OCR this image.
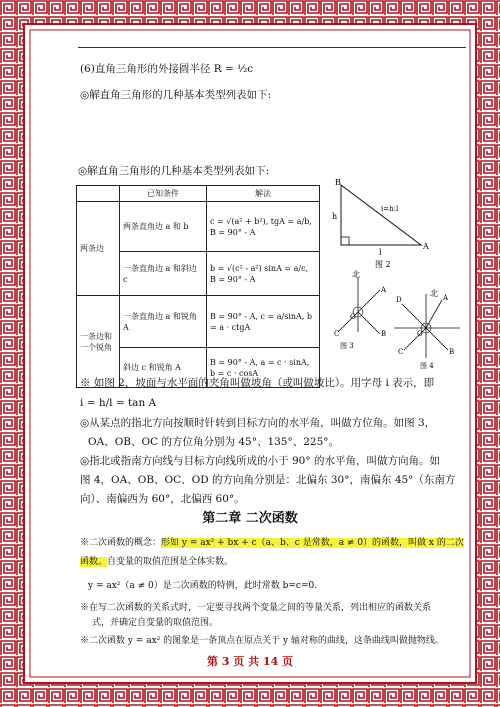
(6)直角三角形的外接圆半径 R = ½c
◎解直角三角形的几种基本类型列表如下:
◎解直角三角形的几种基本类型列表如下:
	已知条件	解法
两条边	两条直角边 a 和 b	c = √(a² + b²), tgA = a/b, B = 90° - A
	一条直角边 a 和斜边 c	b = √(c² - a²) sinA = a/c, B = 90° - A
一条边和一个锐角	一条直角边 a 和锐角 A	B = 90° - A, c = a/sinA, b = a · ctgA
	斜边 c 和锐角 A	B = 90° - A, a = c · sinA, b = c · cosA
B
A
h
i=h:l
l
图 2
北
O
A
B
C
图 3
北
O
A
B
C
D
图 4
※ 如图 2，坡面与水平面的夹角叫做坡角（或叫做坡比）。用字母 i 表示，即
i = h/l = tan A
◎从某点的指北方向按顺时针转到目标方向的水平角，叫做方位角。如图 3，
OA、OB、OC 的方位角分别为 45°、135°、225°。
◎指北或指南方向线与目标方向线所成的小于 90° 的水平角，叫做方向角。如
图 4，OA、OB、OC、OD 的方向角分别是：北偏东 30°，南偏东 45°（东南方
向）、南偏西为 60°，北偏西 60°。
第二章 二次函数
※二次函数的概念：形如 y = ax² + bx + c（a、b、c 是常数，a ≠ 0）的函数，叫做 x 的二次
函数。自变量的取值范围是全体实数。
y = ax²（a ≠ 0）是二次函数的特例，此时常数 b=c=0.
※在写二次函数的关系式时，一定要寻找两个变量之间的等量关系，列出相应的函数关系
式，并确定自变量的取值范围。
※二次函数 y = ax² 的图象是一条顶点在原点关于 y 轴对称的曲线，这条曲线叫做抛物线。
第 3 页 共 14 页
